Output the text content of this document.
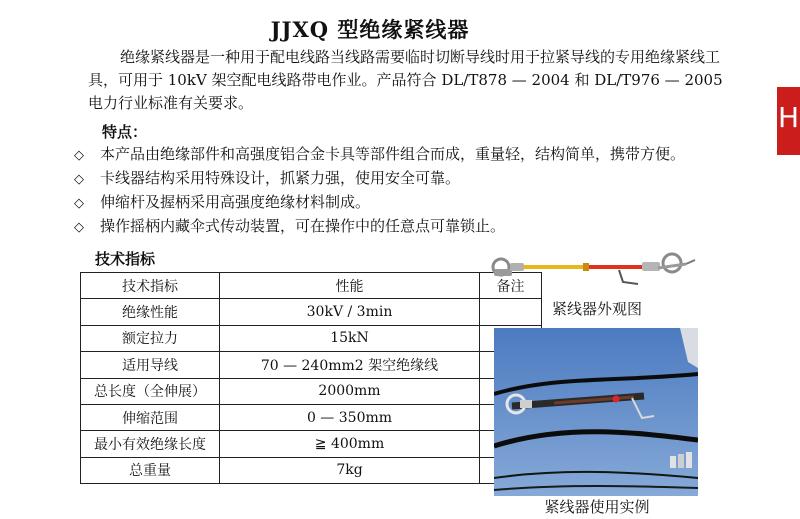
JJXQ 型绝缘紧线器
绝缘紧线器是一种用于配电线路当线路需要临时切断导线时用于拉紧导线的专用绝缘紧线工具，可用于 10kV 架空配电线路带电作业。产品符合 DL/T878 — 2004 和 DL/T976 — 2005 电力行业标准有关要求。
特点：
◇ 本产品由绝缘部件和高强度铝合金卡具等部件组合而成，重量轻，结构简单，携带方便。
◇ 卡线器结构采用特殊设计，抓紧力强，使用安全可靠。
◇ 伸缩杆及握柄采用高强度绝缘材料制成。
◇ 操作摇柄内藏伞式传动装置，可在操作中的任意点可靠锁止。
技术指标
技术指标	性能	备注
绝缘性能	30kV / 3min	
额定拉力	15kN	
适用导线	70 — 240mm2 架空绝缘线	
总长度（全伸展）	2000mm	
伸缩范围	0 — 350mm	
最小有效绝缘长度	≧ 400mm	
总重量	7kg	
H
紧线器外观图
紧线器使用实例
